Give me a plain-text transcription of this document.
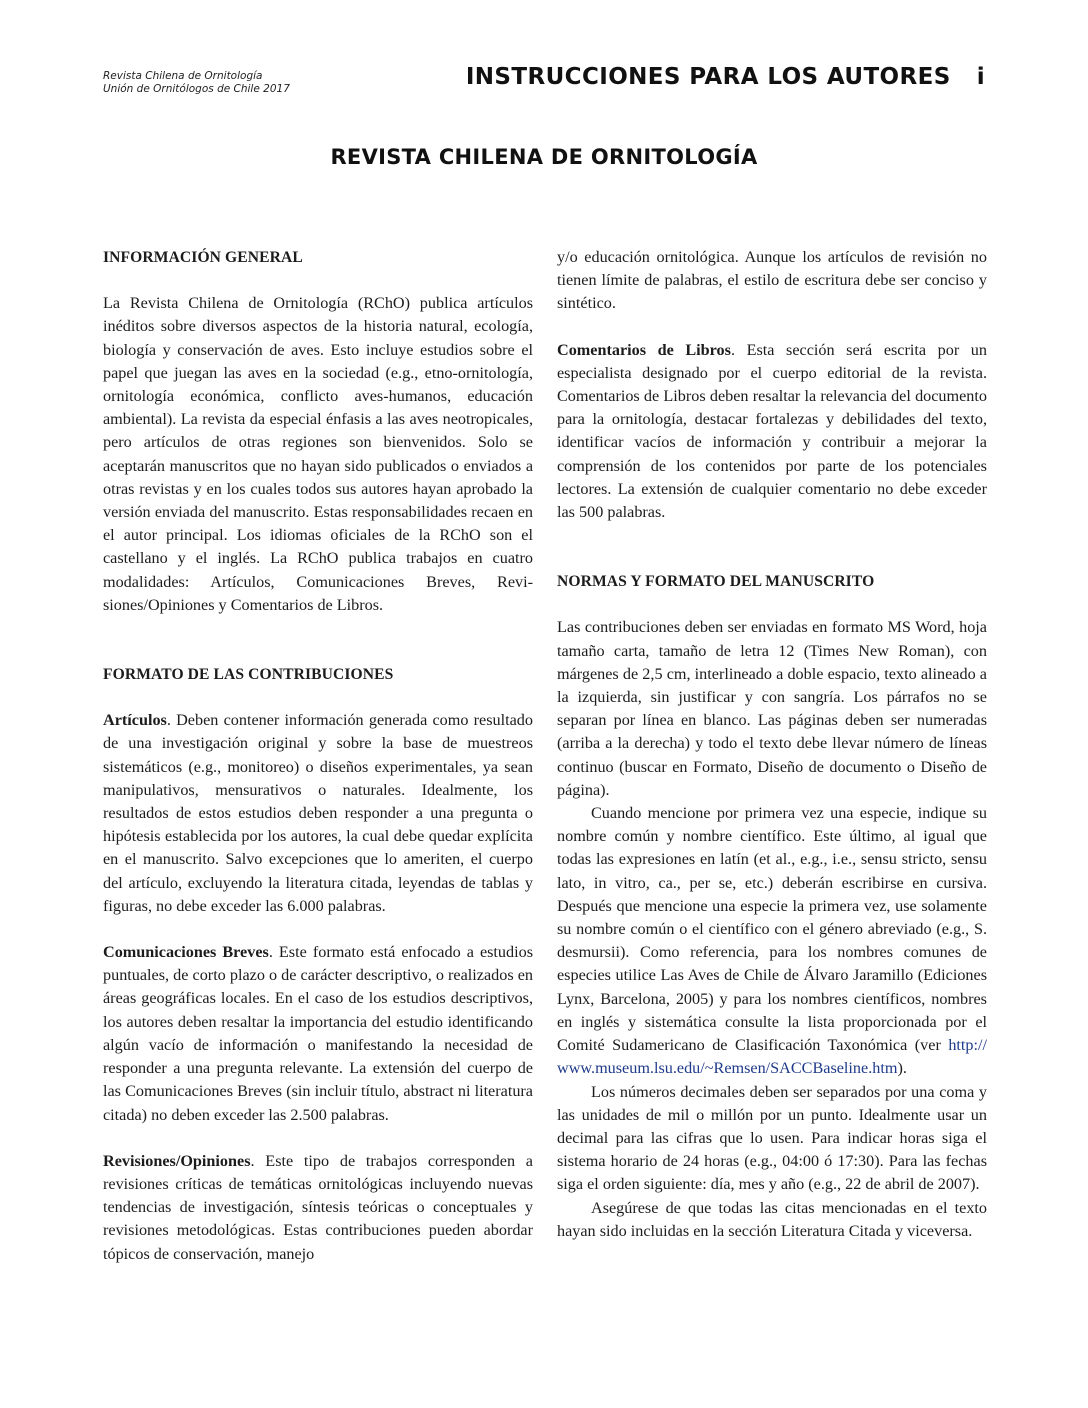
Revista Chilena de Ornitología
Unión de Ornitólogos de Chile 2017	INSTRUCCIONES PARA LOS AUTORES i
REVISTA CHILENA DE ORNITOLOGÍA

INFORMACIÓN GENERAL

La Revista Chilena de Ornitología (RChO) publica artículos inéditos sobre diversos aspectos de la historia natural, ecología, biología y conservación de aves. Esto incluye estudios sobre el papel que juegan las aves en la sociedad (e.g., etno-ornitología, ornitología económica, conflicto aves-humanos, educación ambiental). La revista da especial énfasis a las aves neotropicales, pero artículos de otras regiones son bienvenidos. Solo se aceptarán manuscritos que no hayan sido publicados o enviados a otras revistas y en los cuales todos sus autores hayan aprobado la versión enviada del manuscrito. Estas responsabilidades recaen en el autor principal. Los idiomas oficiales de la RChO son el castellano y el inglés. La RChO publica trabajos en cuatro modalidades: Artículos, Comunicaciones Breves, Revisiones/Opiniones y Comentarios de Libros.

FORMATO DE LAS CONTRIBUCIONES

Artículos. Deben contener información generada como resultado de una investigación original y sobre la base de muestreos sistemáticos (e.g., monitoreo) o diseños experimentales, ya sean manipulativos, mensurativos o naturales. Idealmente, los resultados de estos estudios deben responder a una pregunta o hipótesis establecida por los autores, la cual debe quedar explícita en el manuscrito. Salvo excepciones que lo ameriten, el cuerpo del artículo, excluyendo la literatura citada, leyendas de tablas y figuras, no debe exceder las 6.000 palabras.

Comunicaciones Breves. Este formato está enfocado a estudios puntuales, de corto plazo o de carácter descriptivo, o realizados en áreas geográficas locales. En el caso de los estudios descriptivos, los autores deben resaltar la importancia del estudio identificando algún vacío de información o manifestando la necesidad de responder a una pregunta relevante. La extensión del cuerpo de las Comunicaciones Breves (sin incluir título, abstract ni literatura citada) no deben exceder las 2.500 palabras.

Revisiones/Opiniones. Este tipo de trabajos corresponden a revisiones críticas de temáticas ornitológicas incluyendo nuevas tendencias de investigación, síntesis teóricas o conceptuales y revisiones metodológicas. Estas contribuciones pueden abordar tópicos de conservación, manejo

y/o educación ornitológica. Aunque los artículos de revisión no tienen límite de palabras, el estilo de escritura debe ser conciso y sintético.

Comentarios de Libros. Esta sección será escrita por un especialista designado por el cuerpo editorial de la revista. Comentarios de Libros deben resaltar la relevancia del documento para la ornitología, destacar fortalezas y debilidades del texto, identificar vacíos de información y contribuir a mejorar la comprensión de los contenidos por parte de los potenciales lectores. La extensión de cualquier comentario no debe exceder las 500 palabras.

NORMAS Y FORMATO DEL MANUSCRITO

Las contribuciones deben ser enviadas en formato MS Word, hoja tamaño carta, tamaño de letra 12 (Times New Roman), con márgenes de 2,5 cm, interlineado a doble espacio, texto alineado a la izquierda, sin justificar y con sangría. Los párrafos no se separan por línea en blanco. Las páginas deben ser numeradas (arriba a la derecha) y todo el texto debe llevar número de líneas continuo (buscar en Formato, Diseño de documento o Diseño de página).

Cuando mencione por primera vez una especie, indique su nombre común y nombre científico. Este último, al igual que todas las expresiones en latín (et al., e.g., i.e., sensu stricto, sensu lato, in vitro, ca., per se, etc.) deberán escribirse en cursiva. Después que mencione una especie la primera vez, use solamente su nombre común o el científico con el género abreviado (e.g., S. desmursii). Como referencia, para los nombres comunes de especies utilice Las Aves de Chile de Álvaro Jaramillo (Ediciones Lynx, Barcelona, 2005) y para los nombres científicos, nombres en inglés y sistemática consulte la lista proporcionada por el Comité Sudamericano de Clasificación Taxonómica (ver http:// www.museum.lsu.edu/~Remsen/SACCBaseline.htm).

Los números decimales deben ser separados por una coma y las unidades de mil o millón por un punto. Idealmente usar un decimal para las cifras que lo usen. Para indicar horas siga el sistema horario de 24 horas (e.g., 04:00 ó 17:30). Para las fechas siga el orden siguiente: día, mes y año (e.g., 22 de abril de 2007).

Asegúrese de que todas las citas mencionadas en el texto hayan sido incluidas en la sección Literatura Citada y viceversa.
